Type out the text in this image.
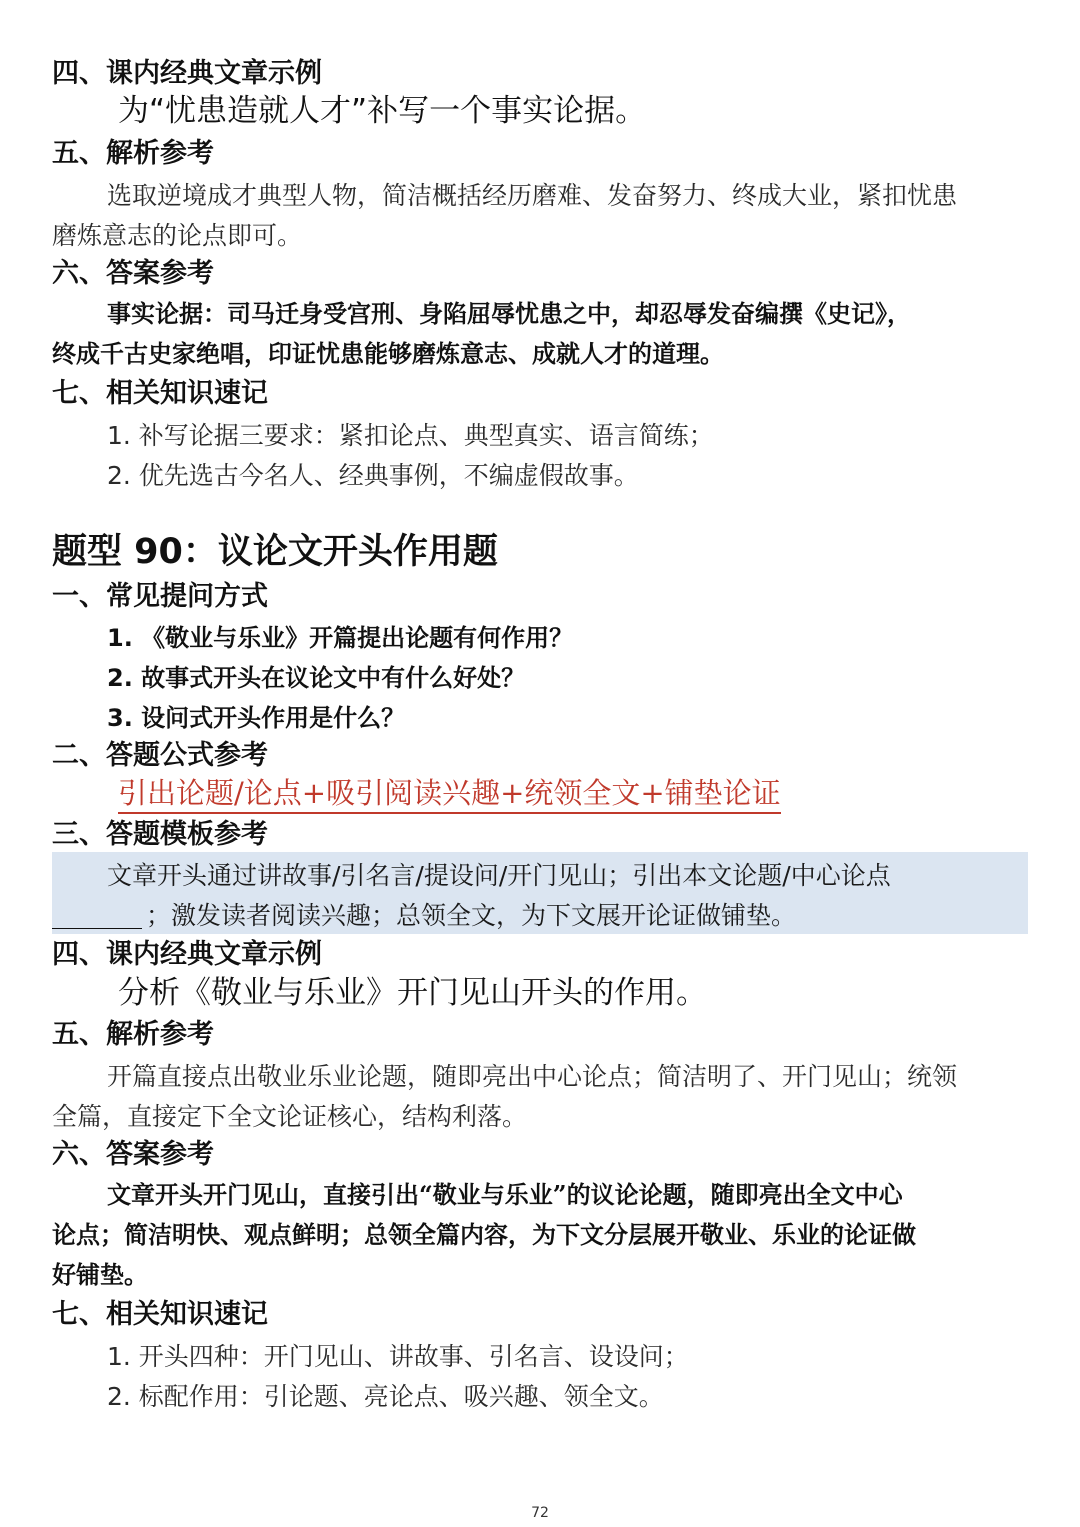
四、课内经典文章示例
为“忧患造就人才”补写一个事实论据。
五、解析参考
选取逆境成才典型人物，简洁概括经历磨难、发奋努力、终成大业，紧扣忧患
磨炼意志的论点即可。
六、答案参考
事实论据：司马迁身受宫刑、身陷屈辱忧患之中，却忍辱发奋编撰《史记》，
终成千古史家绝唱，印证忧患能够磨炼意志、成就人才的道理。
七、相关知识速记
1. 补写论据三要求：紧扣论点、典型真实、语言简练；
2. 优先选古今名人、经典事例，不编虚假故事。
题型 90：议论文开头作用题
一、常见提问方式
1. 《敬业与乐业》开篇提出论题有何作用？
2. 故事式开头在议论文中有什么好处？
3. 设问式开头作用是什么？
二、答题公式参考
引出论题/论点+吸引阅读兴趣+统领全文+铺垫论证
三、答题模板参考
文章开头通过讲故事/引名言/提设问/开门见山；引出本文论题/中心论点
；激发读者阅读兴趣；总领全文，为下文展开论证做铺垫。
四、课内经典文章示例
分析《敬业与乐业》开门见山开头的作用。
五、解析参考
开篇直接点出敬业乐业论题，随即亮出中心论点；简洁明了、开门见山；统领
全篇，直接定下全文论证核心，结构利落。
六、答案参考
文章开头开门见山，直接引出“敬业与乐业”的议论论题，随即亮出全文中心
论点；简洁明快、观点鲜明；总领全篇内容，为下文分层展开敬业、乐业的论证做
好铺垫。
七、相关知识速记
1. 开头四种：开门见山、讲故事、引名言、设设问；
2. 标配作用：引论题、亮论点、吸兴趣、领全文。
72
